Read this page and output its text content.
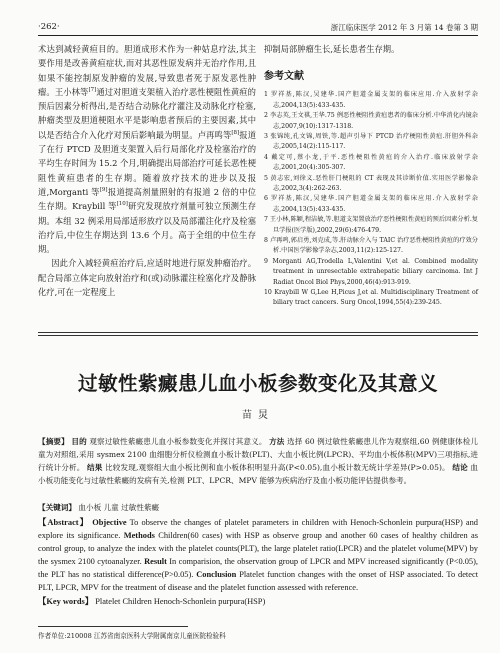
·262·	浙江临床医学 2012 年 3 月第 14 卷第 3 期

术达到减轻黄疸目的。胆道成形术作为一种姑息疗法,其主要作用是改善黄疸症状,而对其恶性原发病并无治疗作用,且如果不能控制原发肿瘤的发展,导致患者死于原发恶性肿瘤。王小林等[7]通过对胆道支架植入治疗恶性梗阻性黄疸的预后因素分析得出,是否结合动脉化疗灌注及动脉化疗栓塞,肿瘤类型及胆道梗阻水平是影响患者预后的主要因素,其中以是否结合介入化疗对预后影响最为明显。卢再鸣等[8]报道了在行 PTCD 及胆道支架置入后行局部化疗及栓塞治疗的平均生存时间为 15.2 个月,明确提出局部治疗可延长恶性梗阻性黄疸患者的生存期。随着放疗技术的进步以及报道,Morganti 等[9]报道提高剂量照射的有报道 2 倍的中位生存期。Kraybill 等[10]研究发现放疗剂量可独立预测生存期。本组 32 例采用局部适形放疗以及局部灌注化疗及栓塞治疗后,中位生存期达到 13.6 个月。高于全组的中位生存期。

因此介入减轻黄疸治疗后,应适时地进行原发肿瘤治疗。配合局部立体定向放射治疗和(或)动脉灌注栓塞化疗及静脉化疗,可在一定程度上

抑制局部肿瘤生长,延长患者生存期。
参考文献
1 罗祥基,陈汉,吴建华.国产胆道金属支架的临床应用.介入放射学杂志,2004,13(5):433-435.
2 李志英,王文祺,王华.75 例恶性梗阻性黄疸患者的临床分析.中华消化内镜杂志,2007,9(10):1317-1318.
3 张锦纯,孔文锦,周铁,等.超声引导下 PTCD 治疗梗阻性黄疸.肝胆外科杂志,2005,14(2):115-117.
4 戴定可,蔡小龙,于平.恶性梗阻性黄疸的介入治疗.临床放射学杂志,2001,20(4):305-307.
5 黄志宏,刘徐义.恶性肝门梗阻的 CT 表现及其诊断价值.实用医学影像杂志,2002,3(4):262-263.
6 罗祥基,陈汉,吴建华.国产胆道金属支架的临床应用.介入放射学杂志,2004,13(5):433-435.
7 王小林,陈颖,程洁敏,等.胆道支架置放治疗恶性梗阻性黄疸的预后因素分析.复旦学报(医学版),2002,29(6):476-479.
8 卢再鸣,郭启勇,刘克成,等.肝动脉介入与 TAIC 治疗恶性梗阻性黄疸的疗效分析.中国医学影像学杂志,2003,11(2):125-127.
9 Morganti AG,Trodella L,Valentini V,et al. Combined modality treatment in unresectable extrahepatic biliary carcinoma. Int J Radiat Oncol Biol Phys,2000,46(4):913-919.
10 Kraybill W G,Lee H,Picus J,et al. Multidisciplinary Treatment of biliary tract cancers. Surg Oncol,1994,55(4):239-245.
过敏性紫癜患儿血小板参数变化及其意义
苗炅
【摘要】 目的 观察过敏性紫癜患儿血小板参数变化并探讨其意义。 方法 选择 60 例过敏性紫癜患儿作为观察组,60 例健康体检儿童为对照组,采用 sysmex 2100 血细胞分析仪检测血小板计数(PLT)、大血小板比例(LPCR)、平均血小板体积(MPV)三项指标,进行统计分析。 结果 比较发现,观察组大血小板比例和血小板体积明显升高(P<0.05),血小板计数无统计学差异(P>0.05)。 结论 血小板功能变化与过敏性紫癜的发病有关,检测 PLT、LPCR、MPV 能够为疾病治疗及血小板功能评估提供参考。
【关键词】 血小板 儿童 过敏性紫癜
【Abstract】 Objective To observe the changes of platelet parameters in children with Henoch-Schonlein purpura(HSP) and explore its significance. Methods Children(60 cases) with HSP as observe group and another 60 cases of healthy children as control group, to analyze the index with the platelet counts(PLT), the large platelet ratio(LPCR) and the platelet volume(MPV) by the sysmex 2100 cytoanalyzer. Result In comparision, the observation group of LPCR and MPV increased significantly (P<0.05), the PLT has no statistical difference(P>0.05). Conclusion Platelet function changes with the onset of HSP associated. To detect PLT, LPCR, MPV for the treatment of disease and the platelet function assessed with reference.
【Key words】 Platelet Children Henoch-Schonlein purpura(HSP)
作者单位:210008 江苏省南京医科大学附属南京儿童医院检验科
